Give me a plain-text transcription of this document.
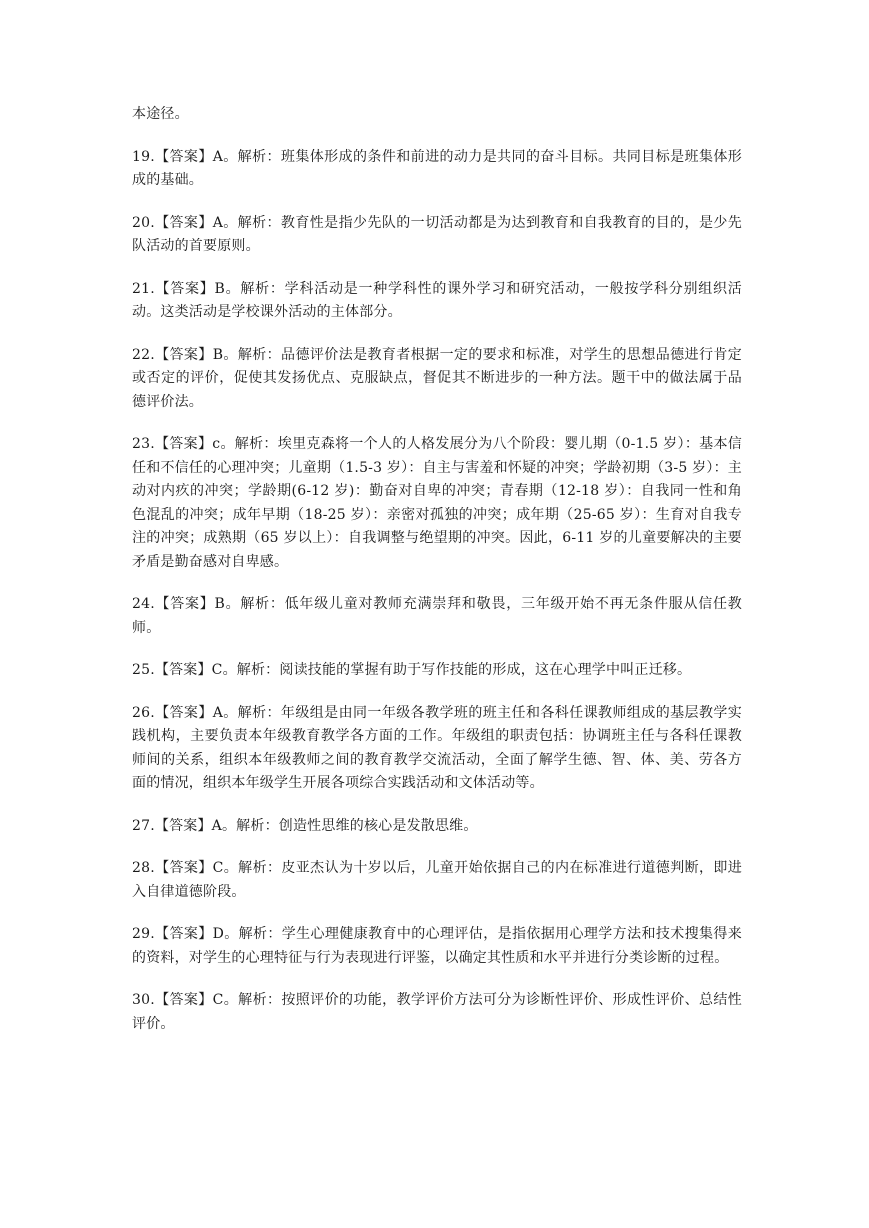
本途径。

19.【答案】A。解析：班集体形成的条件和前进的动力是共同的奋斗目标。共同目标是班集体形成的基础。

20.【答案】A。解析：教育性是指少先队的一切活动都是为达到教育和自我教育的目的，是少先队活动的首要原则。

21.【答案】B。解析：学科活动是一种学科性的课外学习和研究活动，一般按学科分别组织活动。这类活动是学校课外活动的主体部分。

22.【答案】B。解析：品德评价法是教育者根据一定的要求和标准，对学生的思想品德进行肯定或否定的评价，促使其发扬优点、克服缺点，督促其不断进步的一种方法。题干中的做法属于品德评价法。

23.【答案】c。解析：埃里克森将一个人的人格发展分为八个阶段：婴儿期（0-1.5 岁）：基本信任和不信任的心理冲突；儿童期（1.5-3 岁）：自主与害羞和怀疑的冲突；学龄初期（3-5 岁）：主动对内疚的冲突；学龄期(6-12 岁)：勤奋对自卑的冲突；青春期（12-18 岁）：自我同一性和角色混乱的冲突；成年早期（18-25 岁）：亲密对孤独的冲突；成年期（25-65 岁）：生育对自我专注的冲突；成熟期（65 岁以上）：自我调整与绝望期的冲突。因此，6-11 岁的儿童要解决的主要矛盾是勤奋感对自卑感。

24.【答案】B。解析：低年级儿童对教师充满崇拜和敬畏，三年级开始不再无条件服从信任教师。

25.【答案】C。解析：阅读技能的掌握有助于写作技能的形成，这在心理学中叫正迁移。

26.【答案】A。解析：年级组是由同一年级各教学班的班主任和各科任课教师组成的基层教学实践机构，主要负责本年级教育教学各方面的工作。年级组的职责包括：协调班主任与各科任课教师间的关系，组织本年级教师之间的教育教学交流活动，全面了解学生德、智、体、美、劳各方面的情况，组织本年级学生开展各项综合实践活动和文体活动等。

27.【答案】A。解析：创造性思维的核心是发散思维。

28.【答案】C。解析：皮亚杰认为十岁以后，儿童开始依据自己的内在标准进行道德判断，即进入自律道德阶段。

29.【答案】D。解析：学生心理健康教育中的心理评估，是指依据用心理学方法和技术搜集得来的资料，对学生的心理特征与行为表现进行评鉴，以确定其性质和水平并进行分类诊断的过程。

30.【答案】C。解析：按照评价的功能，教学评价方法可分为诊断性评价、形成性评价、总结性评价。
